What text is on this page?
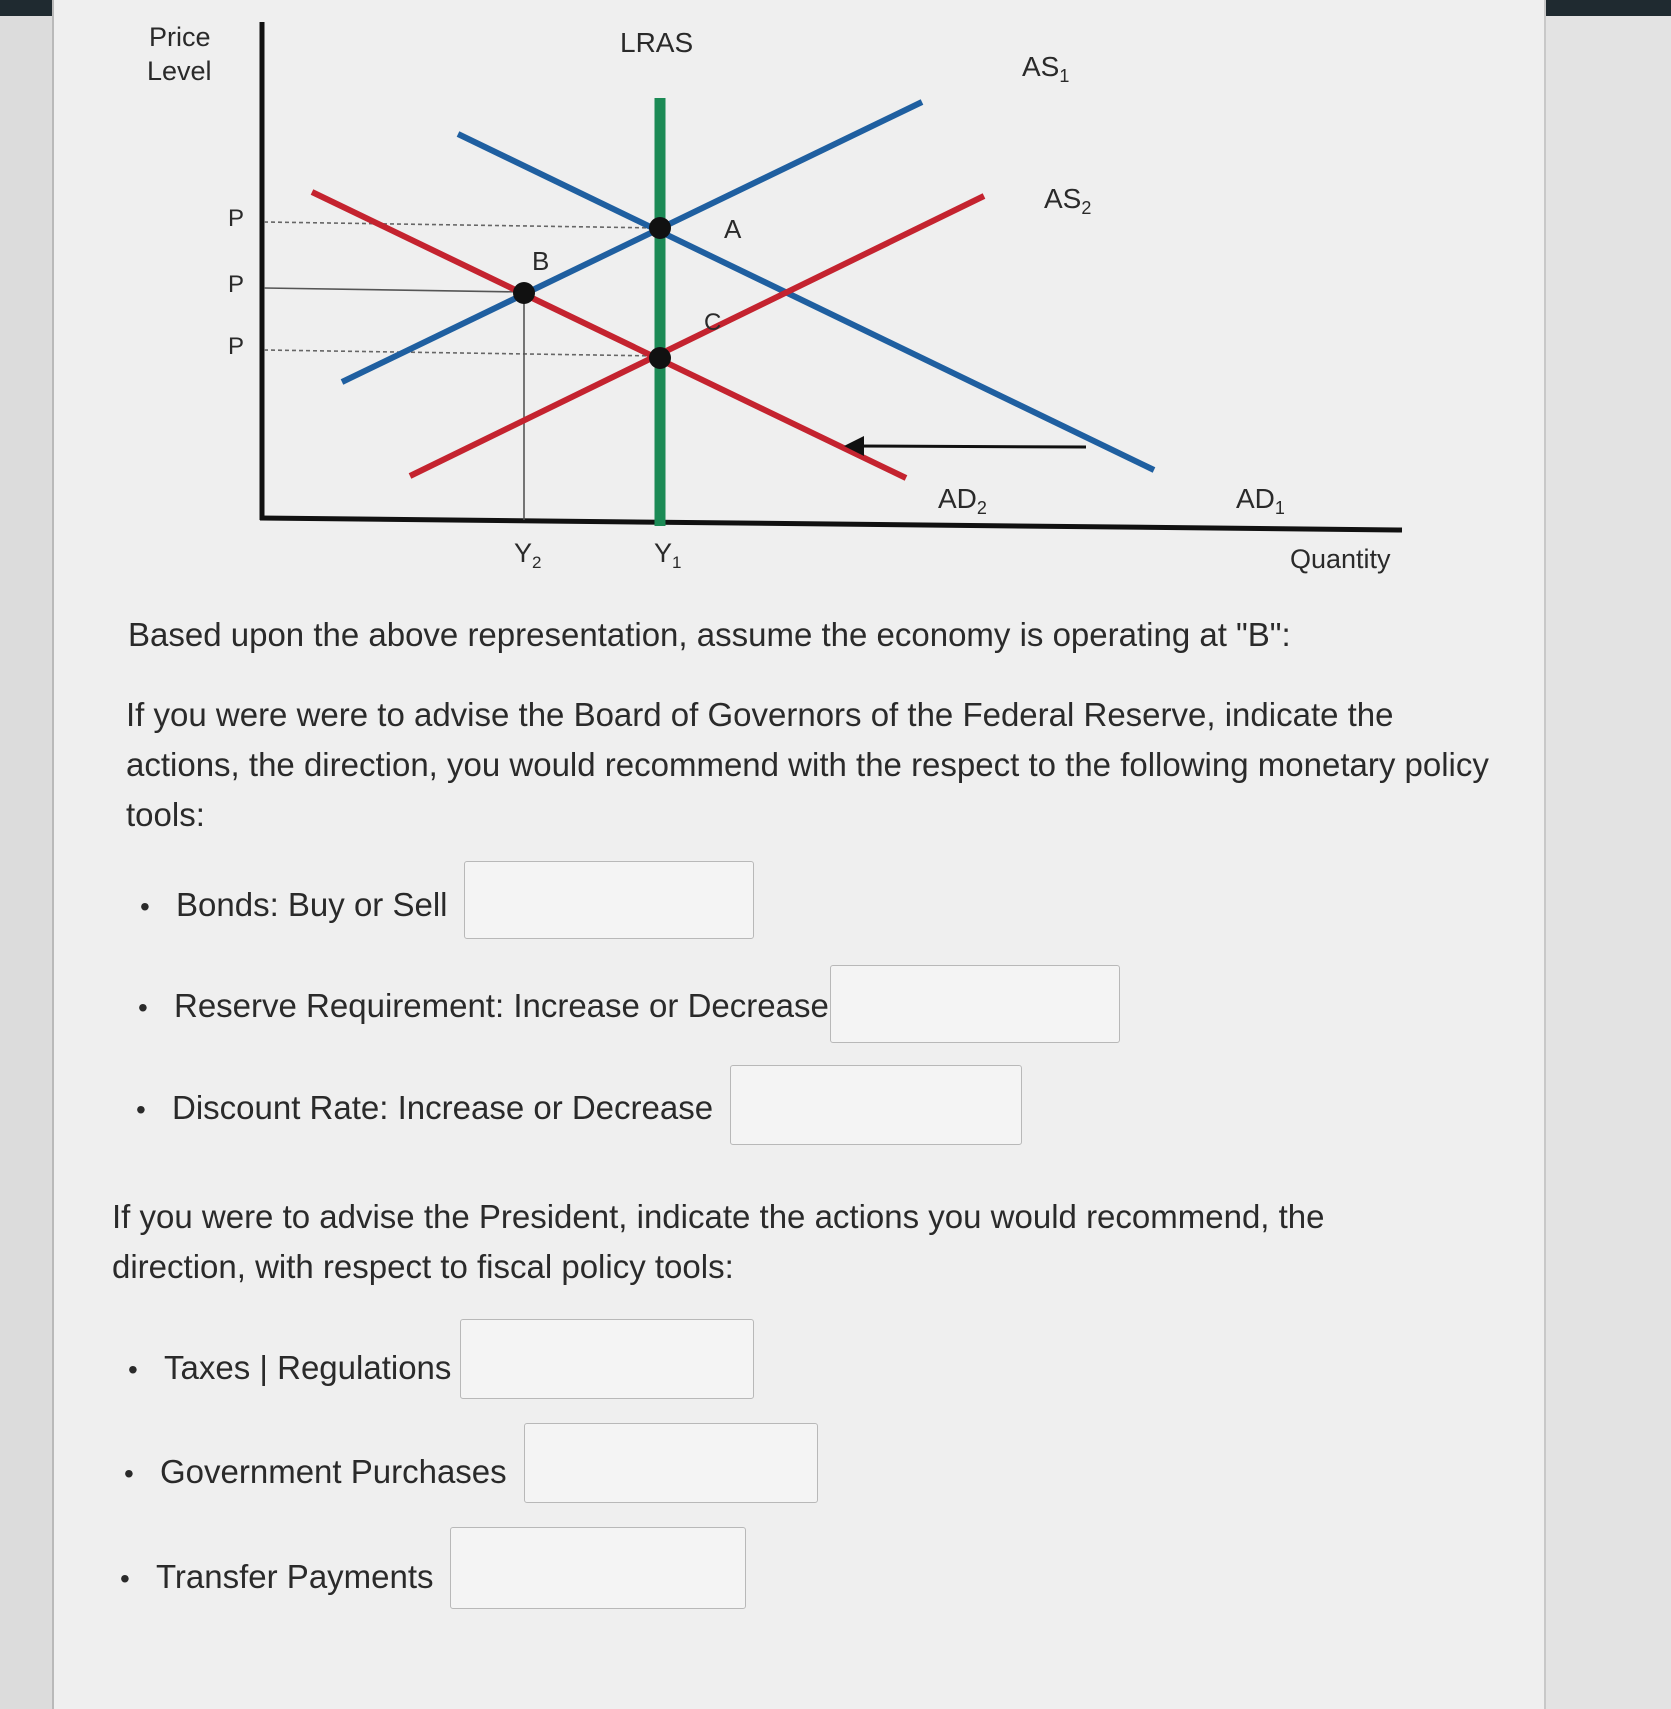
Price
Level
LRAS
$AS_1$
$AS_2$
$AD_2$	$AD_1$
P
P
P
A
B
C
$Y_2$	$Y_1$	Quantity
Based upon the above representation, assume the economy is operating at "B":
If you were were to advise the Board of Governors of the Federal Reserve, indicate the actions, the direction, you would recommend with the respect to the following monetary policy tools:
• Bonds: Buy or Sell
• Reserve Requirement: Increase or Decrease
• Discount Rate: Increase or Decrease
If you were to advise the President, indicate the actions you would recommend, the direction, with respect to fiscal policy tools:
• Taxes | Regulations
• Government Purchases
• Transfer Payments
